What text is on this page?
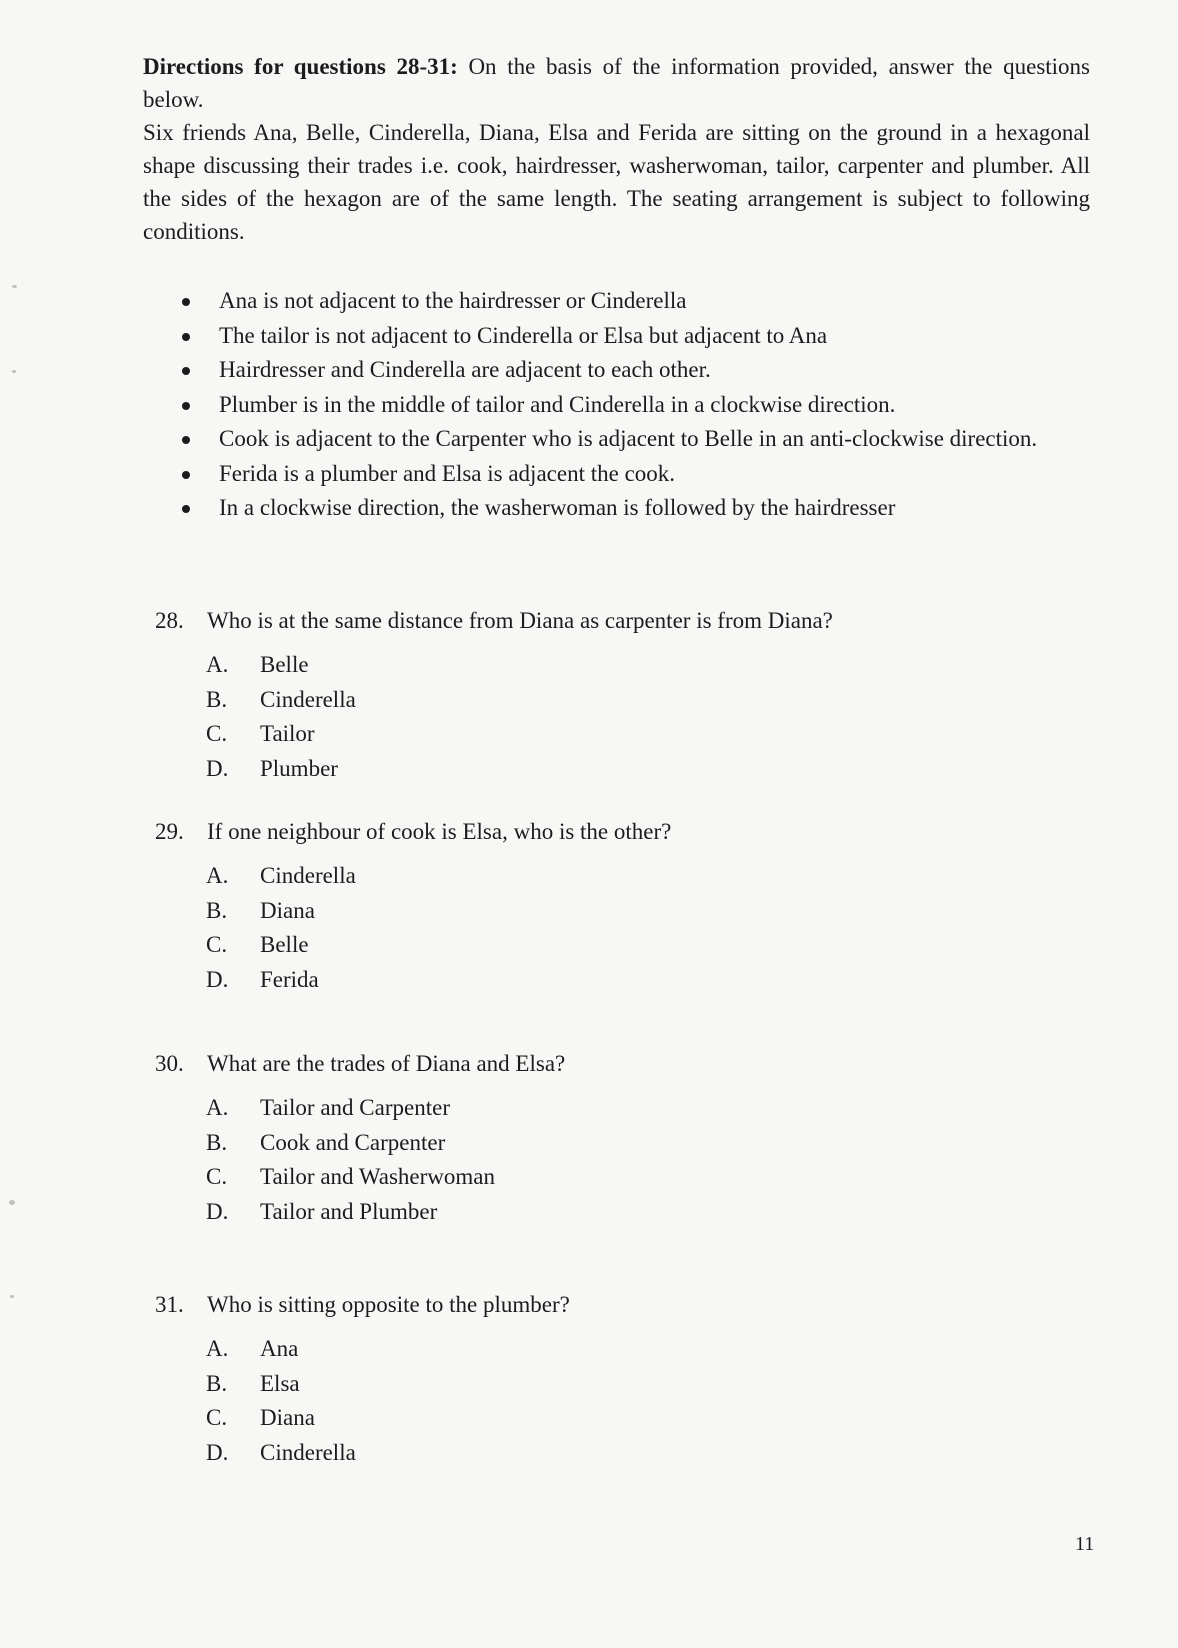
Directions for questions 28-31: On the basis of the information provided, answer the questions below.

Six friends Ana, Belle, Cinderella, Diana, Elsa and Ferida are sitting on the ground in a hexagonal shape discussing their trades i.e. cook, hairdresser, washerwoman, tailor, carpenter and plumber. All the sides of the hexagon are of the same length. The seating arrangement is subject to following conditions.

Ana is not adjacent to the hairdresser or Cinderella
The tailor is not adjacent to Cinderella or Elsa but adjacent to Ana
Hairdresser and Cinderella are adjacent to each other.
Plumber is in the middle of tailor and Cinderella in a clockwise direction.
Cook is adjacent to the Carpenter who is adjacent to Belle in an anti-clockwise direction.
Ferida is a plumber and Elsa is adjacent the cook.
In a clockwise direction, the washerwoman is followed by the hairdresser
28.	Who is at the same distance from Diana as carpenter is from Diana?
A.	Belle
B.	Cinderella
C.	Tailor
D.	Plumber
29.	If one neighbour of cook is Elsa, who is the other?
A.	Cinderella
B.	Diana
C.	Belle
D.	Ferida
30.	What are the trades of Diana and Elsa?
A.	Tailor and Carpenter
B.	Cook and Carpenter
C.	Tailor and Washerwoman
D.	Tailor and Plumber
31.	Who is sitting opposite to the plumber?
A.	Ana
B.	Elsa
C.	Diana
D.	Cinderella
11
